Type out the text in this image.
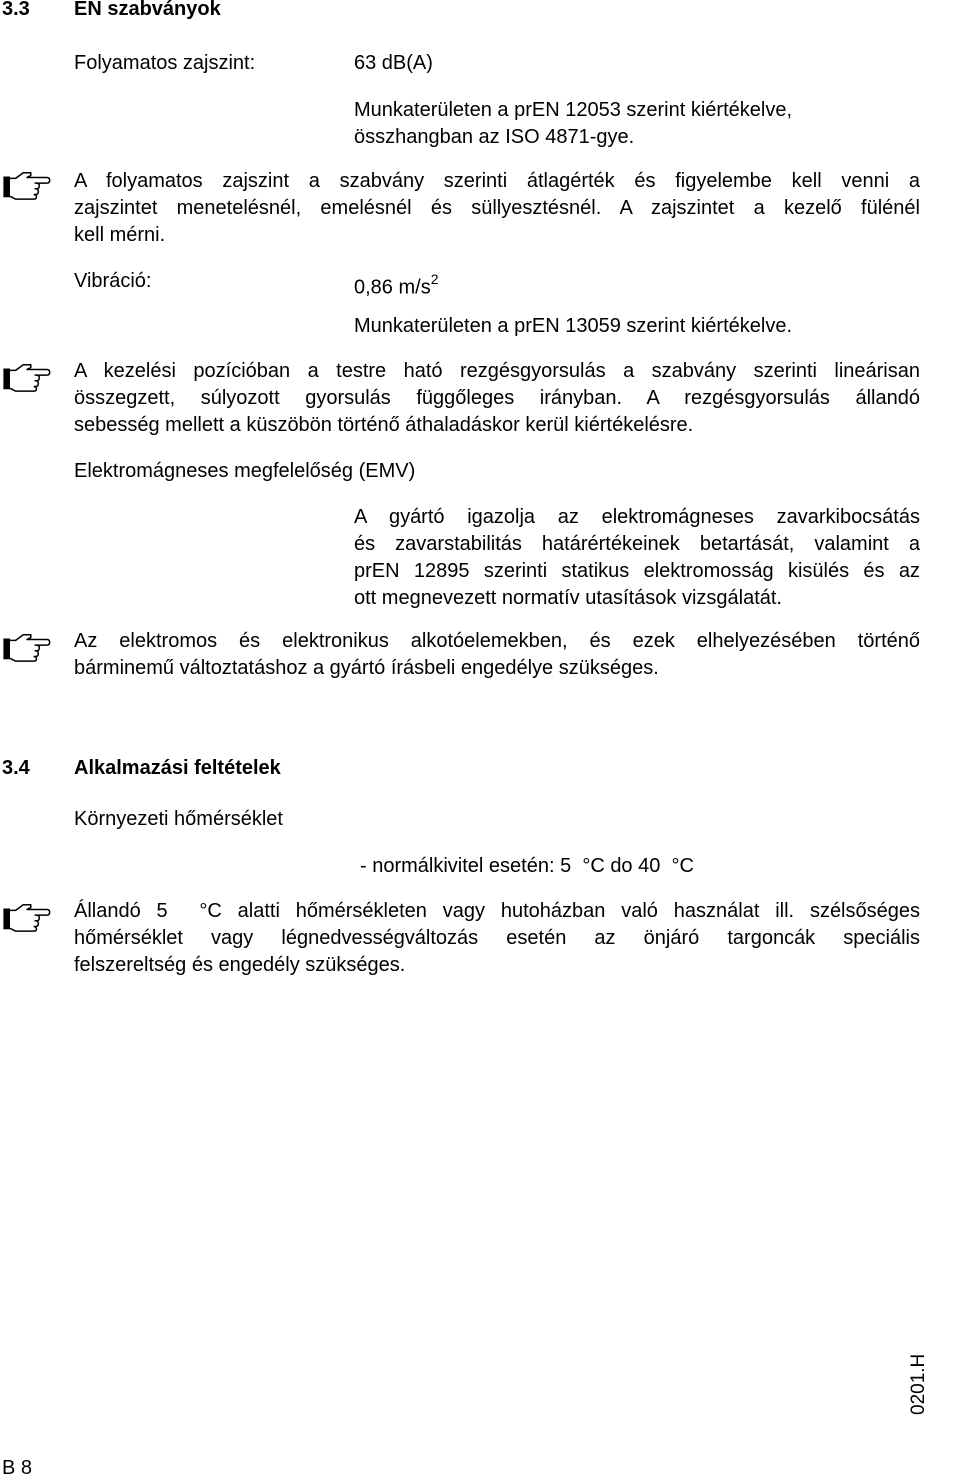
3.3 EN szabványok
Folyamatos zajszint:	63 dB(A)
Munkaterületen a prEN 12053 szerint kiértékelve,
összhangban az ISO 4871-gye.
A folyamatos zajszint a szabvány szerinti átlagérték és figyelembe kell venni a
zajszintet menetelésnél, emelésnél és süllyesztésnél. A zajszintet a kezelő fülénél
kell mérni.
Vibráció:	0,86 $m/s^2$
Munkaterületen a prEN 13059 szerint kiértékelve.
A kezelési pozícióban a testre ható rezgésgyorsulás a szabvány szerinti lineárisan
összegzett, súlyozott gyorsulás függőleges irányban. A rezgésgyorsulás állandó
sebesség mellett a küszöbön történő áthaladáskor kerül kiértékelésre.
Elektromágneses megfelelőség (EMV)
A gyártó igazolja az elektromágneses zavarkibocsátás
és zavarstabilitás határértékeinek betartását, valamint a
prEN 12895 szerinti statikus elektromosság kisülés és az
ott megnevezett normatív utasítások vizsgálatát.
Az elektromos és elektronikus alkotóelemekben, és ezek elhelyezésében történő
bárminemű változtatáshoz a gyártó írásbeli engedélye szükséges.
3.4 Alkalmazási feltételek
Környezeti hőmérséklet
- normálkivitel esetén: 5  °C do 40  °C
Állandó 5  °C alatti hőmérsékleten vagy hutoházban való használat ill. szélsőséges
hőmérséklet vagy légnedvességváltozás esetén az önjáró targoncák speciális
felszereltség és engedély szükséges.
0201.H
B 8
